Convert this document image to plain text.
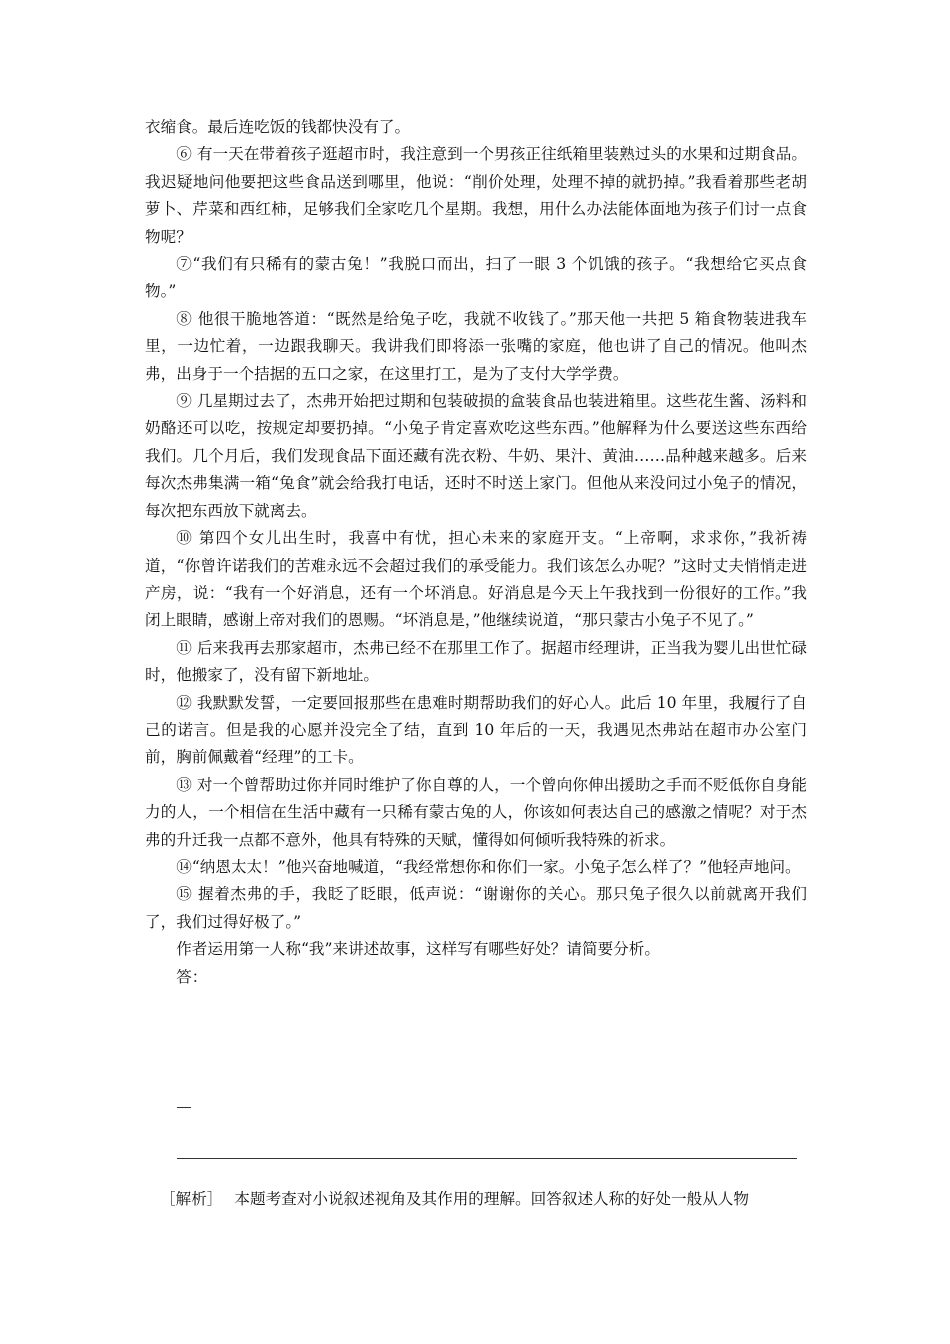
衣缩食。最后连吃饭的钱都快没有了。

⑥ 有一天在带着孩子逛超市时，我注意到一个男孩正往纸箱里装熟过头的水果和过期食品。我迟疑地问他要把这些食品送到哪里，他说：“削价处理，处理不掉的就扔掉。”我看着那些老胡萝卜、芹菜和西红柿，足够我们全家吃几个星期。我想，用什么办法能体面地为孩子们讨一点食物呢？

⑦“我们有只稀有的蒙古兔！”我脱口而出，扫了一眼 3 个饥饿的孩子。“我想给它买点食物。”

⑧ 他很干脆地答道：“既然是给兔子吃，我就不收钱了。”那天他一共把 5 箱食物装进我车里，一边忙着，一边跟我聊天。我讲我们即将添一张嘴的家庭，他也讲了自己的情况。他叫杰弗，出身于一个拮据的五口之家，在这里打工，是为了支付大学学费。

⑨ 几星期过去了，杰弗开始把过期和包装破损的盒装食品也装进箱里。这些花生酱、汤料和奶酪还可以吃，按规定却要扔掉。“小兔子肯定喜欢吃这些东西。”他解释为什么要送这些东西给我们。几个月后，我们发现食品下面还藏有洗衣粉、牛奶、果汁、黄油……品种越来越多。后来每次杰弗集满一箱“兔食”就会给我打电话，还时不时送上家门。但他从来没问过小兔子的情况，每次把东西放下就离去。

⑩ 第四个女儿出生时，我喜中有忧，担心未来的家庭开支。“上帝啊，求求你，”我祈祷道，“你曾许诺我们的苦难永远不会超过我们的承受能力。我们该怎么办呢？”这时丈夫悄悄走进产房，说：“我有一个好消息，还有一个坏消息。好消息是今天上午我找到一份很好的工作。”我闭上眼睛，感谢上帝对我们的恩赐。“坏消息是，”他继续说道，“那只蒙古小兔子不见了。”

⑪ 后来我再去那家超市，杰弗已经不在那里工作了。据超市经理讲，正当我为婴儿出世忙碌时，他搬家了，没有留下新地址。

⑫ 我默默发誓，一定要回报那些在患难时期帮助我们的好心人。此后 10 年里，我履行了自己的诺言。但是我的心愿并没完全了结，直到 10 年后的一天，我遇见杰弗站在超市办公室门前，胸前佩戴着“经理”的工卡。

⑬ 对一个曾帮助过你并同时维护了你自尊的人，一个曾向你伸出援助之手而不贬低你自身能力的人，一个相信在生活中藏有一只稀有蒙古兔的人，你该如何表达自己的感激之情呢？对于杰弗的升迁我一点都不意外，他具有特殊的天赋，懂得如何倾听我特殊的祈求。

⑭“纳恩太太！”他兴奋地喊道，“我经常想你和你们一家。小兔子怎么样了？”他轻声地问。

⑮ 握着杰弗的手，我眨了眨眼，低声说：“谢谢你的关心。那只兔子很久以前就离开我们了，我们过得好极了。”

作者运用第一人称“我”来讲述故事，这样写有哪些好处？请简要分析。

答：

［解析］ 本题考查对小说叙述视角及其作用的理解。回答叙述人称的好处一般从人物
